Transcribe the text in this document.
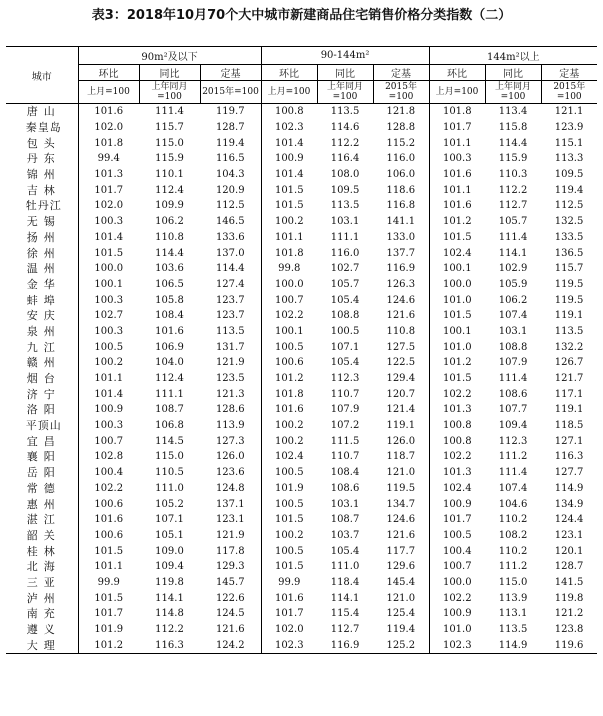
表3：2018年10月70个大中城市新建商品住宅销售价格分类指数（二）
城市	90m²及以下			90-144m²			144m²以上		
	环比	同比	定基	环比	同比	定基	环比	同比	定基
	上月=100	上年同月=100	2015年=100	上月=100	上年同月=100	2015年=100	上月=100	上年同月=100	2015年=100
唐山	101.6	111.4	119.7	100.8	113.5	121.8	101.8	113.4	121.1
秦皇岛	102.0	115.7	128.7	102.3	114.6	128.8	101.7	115.8	123.9
包头	101.8	115.0	119.4	101.4	112.2	115.2	101.1	114.4	115.1
丹东	99.4	115.9	116.5	100.9	116.4	116.0	100.3	115.9	113.3
锦州	101.3	110.1	104.3	101.4	108.0	106.0	101.6	110.3	109.5
吉林	101.7	112.4	120.9	101.5	109.5	118.6	101.1	112.2	119.4
牡丹江	102.0	109.9	112.5	101.5	113.5	116.8	101.6	112.7	112.5
无锡	100.3	106.2	146.5	100.2	103.1	141.1	101.2	105.7	132.5
扬州	101.4	110.8	133.6	101.1	111.1	133.0	101.5	111.4	133.5
徐州	101.5	114.4	137.0	101.8	116.0	137.7	102.4	114.1	136.5
温州	100.0	103.6	114.4	99.8	102.7	116.9	100.1	102.9	115.7
金华	100.1	106.5	127.4	100.0	105.7	126.3	100.0	105.9	119.5
蚌埠	100.3	105.8	123.7	100.7	105.4	124.6	101.0	106.2	119.5
安庆	102.7	108.4	123.7	102.2	108.8	121.6	101.5	107.4	119.1
泉州	100.3	101.6	113.5	100.1	100.5	110.8	100.1	103.1	113.5
九江	100.5	106.9	131.7	100.5	107.1	127.5	101.0	108.8	132.2
赣州	100.2	104.0	121.9	100.6	105.4	122.5	101.2	107.9	126.7
烟台	101.1	112.4	123.5	101.2	112.3	129.4	101.5	111.4	121.7
济宁	101.4	111.1	121.3	101.8	110.7	120.7	102.2	108.6	117.1
洛阳	100.9	108.7	128.6	101.6	107.9	121.4	101.3	107.7	119.1
平顶山	100.3	106.8	113.9	100.2	107.2	119.1	100.8	109.4	118.5
宜昌	100.7	114.5	127.3	100.2	111.5	126.0	100.8	112.3	127.1
襄阳	102.8	115.0	126.0	102.4	110.7	118.7	102.2	111.2	116.3
岳阳	100.4	110.5	123.6	100.5	108.4	121.0	101.3	111.4	127.7
常德	102.2	111.0	124.8	101.9	108.6	119.5	102.4	107.4	114.9
惠州	100.6	105.2	137.1	100.5	103.1	134.7	100.9	104.6	134.9
湛江	101.6	107.1	123.1	101.5	108.7	124.6	101.7	110.2	124.4
韶关	100.6	105.1	121.9	100.2	103.7	121.6	100.5	108.2	123.1
桂林	101.5	109.0	117.8	100.5	105.4	117.7	100.4	110.2	120.1
北海	101.1	109.4	129.3	101.5	111.0	129.6	100.7	111.2	128.7
三亚	99.9	119.8	145.7	99.9	118.4	145.4	100.0	115.0	141.5
泸州	101.5	114.1	122.6	101.6	114.1	121.0	102.2	113.9	119.8
南充	101.7	114.8	124.5	101.7	115.4	125.4	100.9	113.1	121.2
遵义	101.9	112.2	121.6	102.0	112.7	119.4	101.0	113.5	123.8
大理	101.2	116.3	124.2	102.3	116.9	125.2	102.3	114.9	119.6
